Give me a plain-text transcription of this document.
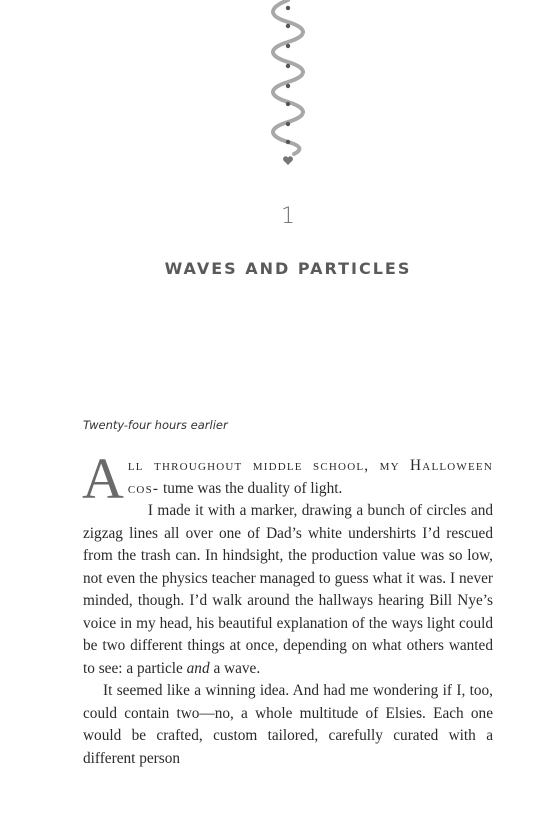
1
WAVES AND PARTICLES
Twenty-four hours earlier

All throughout middle school, my Halloween cos- tume was the duality of light.

I made it with a marker, drawing a bunch of circles and zigzag lines all over one of Dad’s white undershirts I’d rescued from the trash can. In hindsight, the production value was so low, not even the physics teacher managed to guess what it was. I never minded, though. I’d walk around the hallways hearing Bill Nye’s voice in my head, his beautiful explanation of the ways light could be two different things at once, depending on what others wanted to see: a particle and a wave.

It seemed like a winning idea. And had me wondering if I, too, could contain two—no, a whole multitude of Elsies. Each one would be crafted, custom tailored, carefully curated with a different person
